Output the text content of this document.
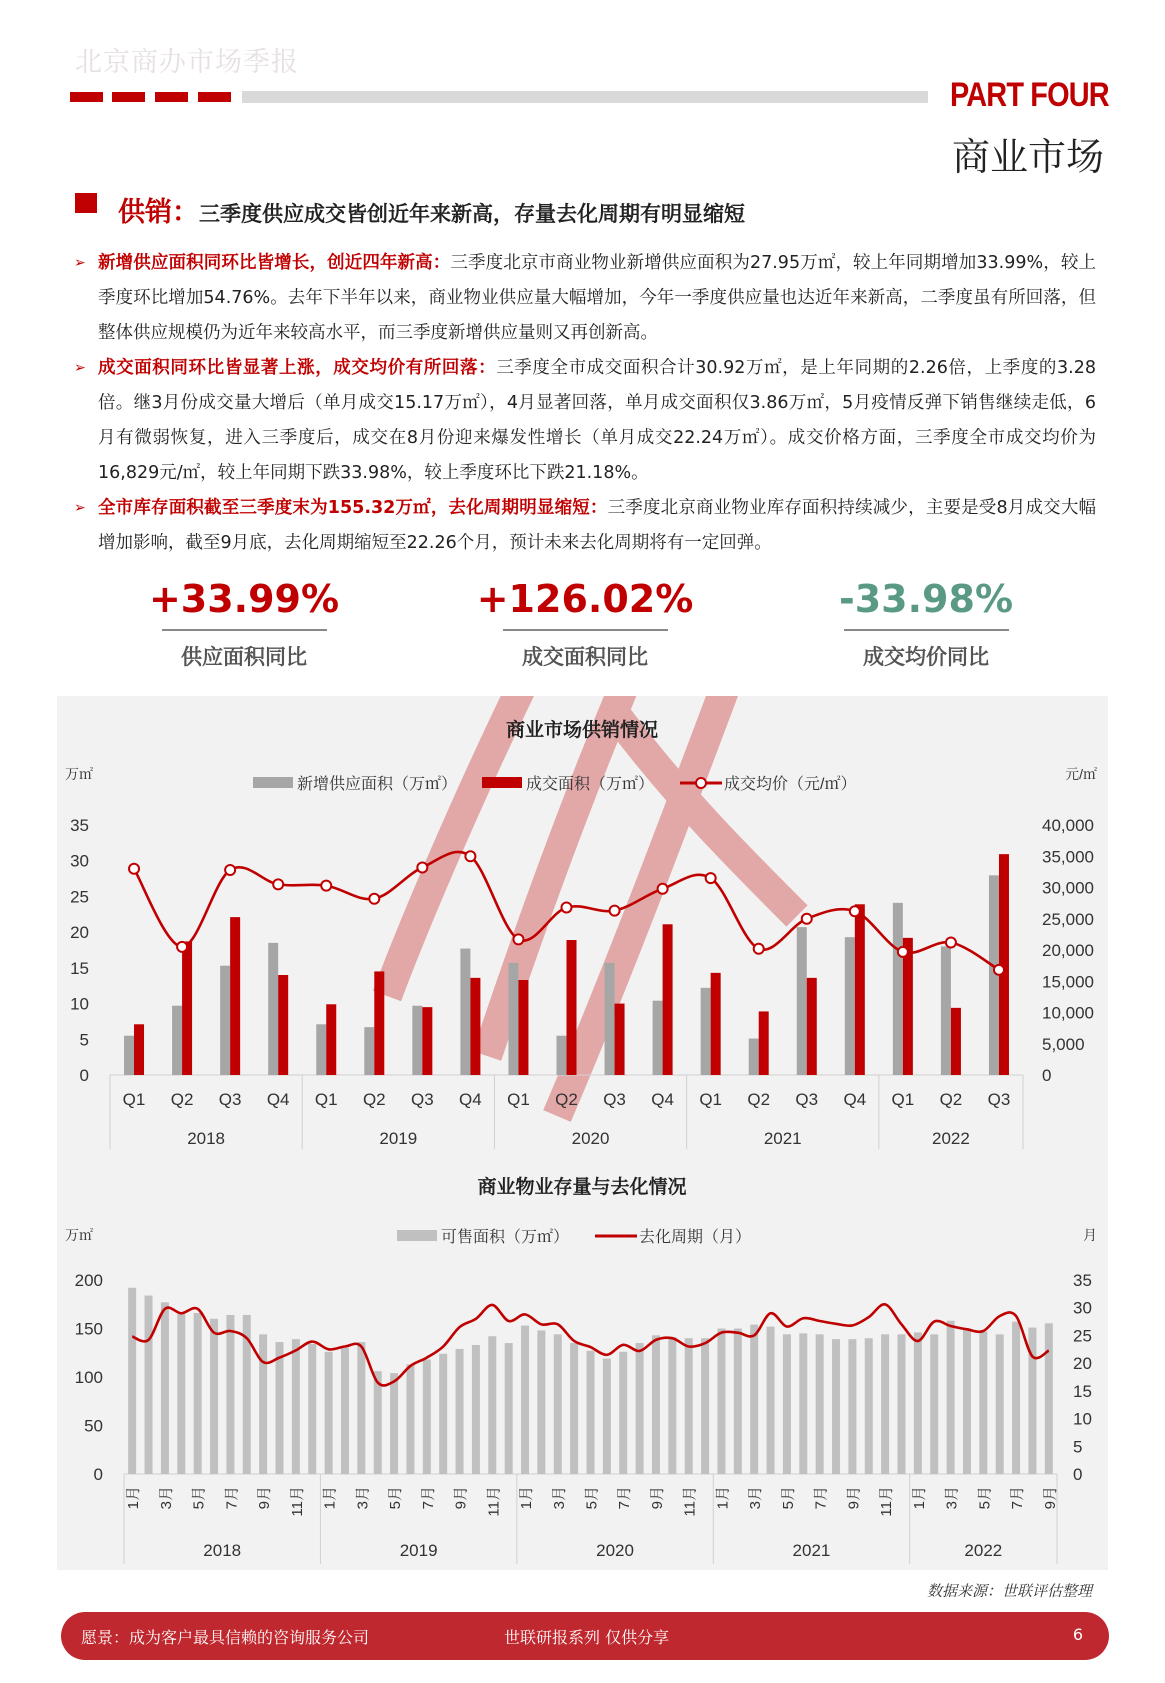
北京商办市场季报
PART FOUR
商业市场
供销：三季度供应成交皆创近年来新高，存量去化周期有明显缩短
➢ 新增供应面积同环比皆增长，创近四年新高：三季度北京市商业物业新增供应面积为27.95万㎡，较上年同期增加33.99%，较上季度环比增加54.76%。去年下半年以来，商业物业供应量大幅增加，今年一季度供应量也达近年来新高，二季度虽有所回落，但整体供应规模仍为近年来较高水平，而三季度新增供应量则又再创新高。
➢ 成交面积同环比皆显著上涨，成交均价有所回落：三季度全市成交面积合计30.92万㎡，是上年同期的2.26倍，上季度的3.28倍。继3月份成交量大增后（单月成交15.17万㎡），4月显著回落，单月成交面积仅3.86万㎡，5月疫情反弹下销售继续走低，6月有微弱恢复，进入三季度后，成交在8月份迎来爆发性增长（单月成交22.24万㎡）。成交价格方面，三季度全市成交均价为16,829元/㎡，较上年同期下跌33.98%，较上季度环比下跌21.18%。
➢ 全市库存面积截至三季度末为155.32万㎡，去化周期明显缩短：三季度北京商业物业库存面积持续减少，主要是受8月成交大幅增加影响，截至9月底，去化周期缩短至22.26个月，预计未来去化周期将有一定回弹。
+33.99%
供应面积同比
+126.02%
成交面积同比
-33.98%
成交均价同比
商业市场供销情况
万㎡	元/㎡
0
5
10
15
20
25
30
35
0
5,000
10,000
15,000
20,000
25,000
30,000
35,000
40,000
新增供应面积（万㎡）	成交面积（万㎡）	成交均价（元/㎡）
Q1 Q2 Q3 Q4 Q1 Q2 Q3 Q4 Q1 Q2 Q3 Q4 Q1 Q2 Q3 Q4 Q1 Q2 Q3
2018	2019	2020	2021	2022
商业物业存量与去化情况
万㎡	月
0
50
100
150
200
0
5
10
15
20
25
30
35
可售面积（万㎡）	去化周期（月）
1月 3月 5月 7月 9月 11月 1月 3月 5月 7月 9月 11月 1月 3月 5月 7月 9月 11月 1月 3月 5月 7月 9月 11月 1月 3月 5月 7月 9月
2018	2019	2020	2021	2022
数据来源：世联评估整理
愿景：成为客户最具信赖的咨询服务公司	世联研报系列 仅供分享	6
